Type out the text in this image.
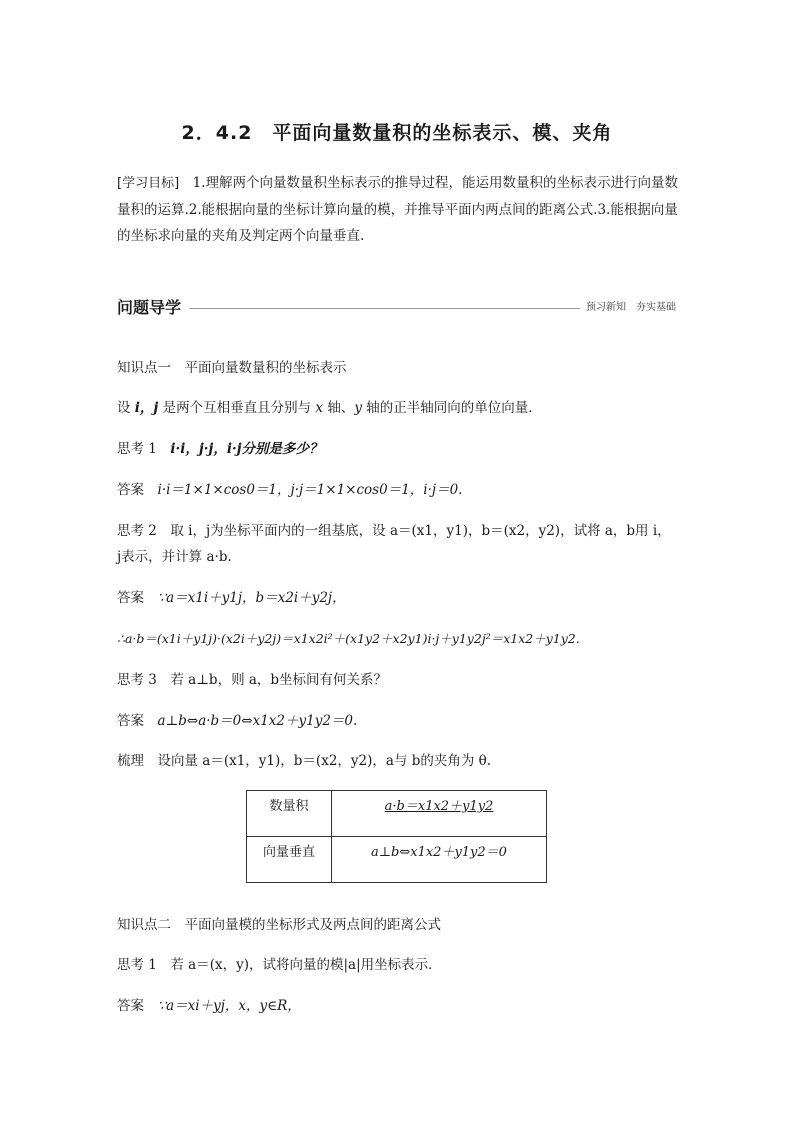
2．4.2　平面向量数量积的坐标表示、模、夹角

[学习目标]　1.理解两个向量数量积坐标表示的推导过程，能运用数量积的坐标表示进行向量数量积的运算.2.能根据向量的坐标计算向量的模，并推导平面内两点间的距离公式.3.能根据向量的坐标求向量的夹角及判定两个向量垂直.

问题导学	预习新知　夯实基础

知识点一　平面向量数量积的坐标表示

设 i，j 是两个互相垂直且分别与 x 轴、y 轴的正半轴同向的单位向量．

思考 1　 i·i，j·j，i·j分别是多少？

答案　 i·i＝1×1×cos0＝1，j·j＝1×1×cos0＝1，i·j＝0.

思考 2　 取 i，j为坐标平面内的一组基底，设 a＝(x1，y1)，b＝(x2，y2)，试将 a，b用 i，

j表示，并计算 a·b.

答案　 ∵a＝x1i＋y1j，b＝x2i＋y2j，

∴a·b＝(x1i＋y1j)·(x2i＋y2j)＝x1x2i²＋(x1y2＋x2y1)i·j＋y1y2j²＝x1x2＋y1y2.

思考 3　 若 a⊥b，则 a，b坐标间有何关系？

答案　 a⊥b⇔a·b＝0⇔x1x2＋y1y2＝0.

梳理　 设向量 a＝(x1，y1)，b＝(x2，y2)，a与 b的夹角为 θ.

数量积	a·b＝x1x2＋y1y2
向量垂直	a⊥b⇔x1x2＋y1y2＝0

知识点二　平面向量模的坐标形式及两点间的距离公式

思考 1　 若 a＝(x，y)，试将向量的模|a|用坐标表示．

答案　 ∵a＝xi＋yj，x，y∈R，
